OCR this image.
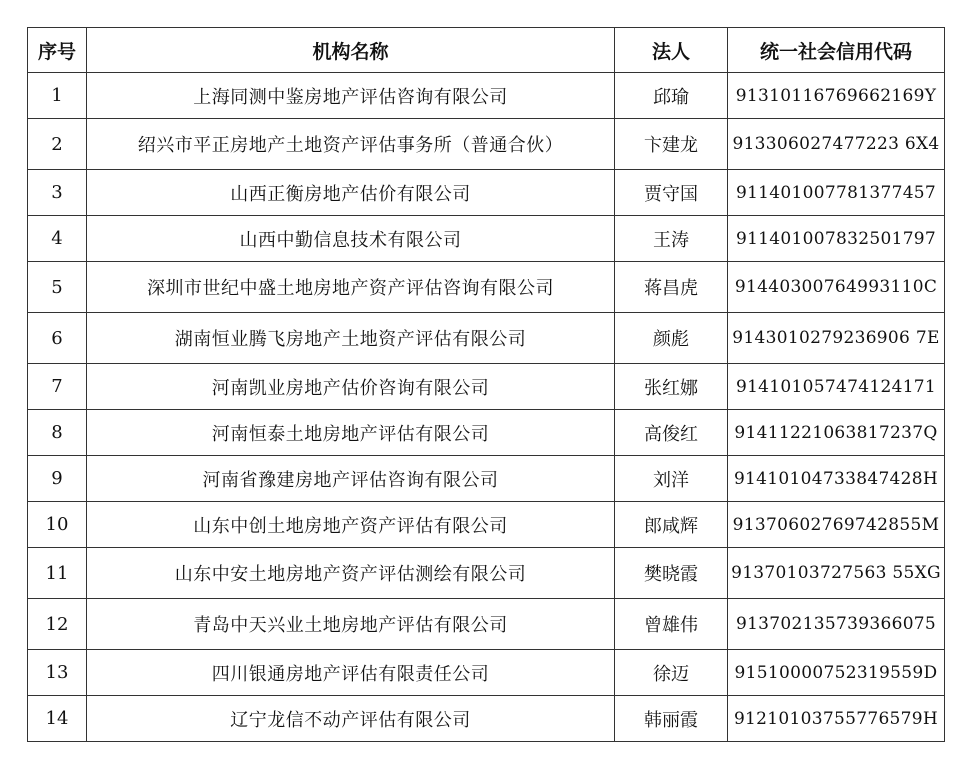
序号	机构名称	法人	统一社会信用代码
1	上海同测中鉴房地产评估咨询有限公司	邱瑜	91310116769662169Y
2	绍兴市平正房地产土地资产评估事务所（普通合伙）	卞建龙	913306027477223 6X4
3	山西正衡房地产估价有限公司	贾守国	911401007781377457
4	山西中勤信息技术有限公司	王涛	911401007832501797
5	深圳市世纪中盛土地房地产资产评估咨询有限公司	蒋昌虎	91440300764993110C
6	湖南恒业腾飞房地产土地资产评估有限公司	颜彪	9143010279236906 7E
7	河南凯业房地产估价咨询有限公司	张红娜	914101057474124171
8	河南恒泰土地房地产评估有限公司	高俊红	91411221063817237Q
9	河南省豫建房地产评估咨询有限公司	刘洋	91410104733847428H
10	山东中创土地房地产资产评估有限公司	郎咸辉	91370602769742855M
11	山东中安土地房地产资产评估测绘有限公司	樊晓霞	91370103727563 55XG
12	青岛中天兴业土地房地产评估有限公司	曾雄伟	913702135739366075
13	四川银通房地产评估有限责任公司	徐迈	91510000752319559D
14	辽宁龙信不动产评估有限公司	韩丽霞	91210103755776579H
